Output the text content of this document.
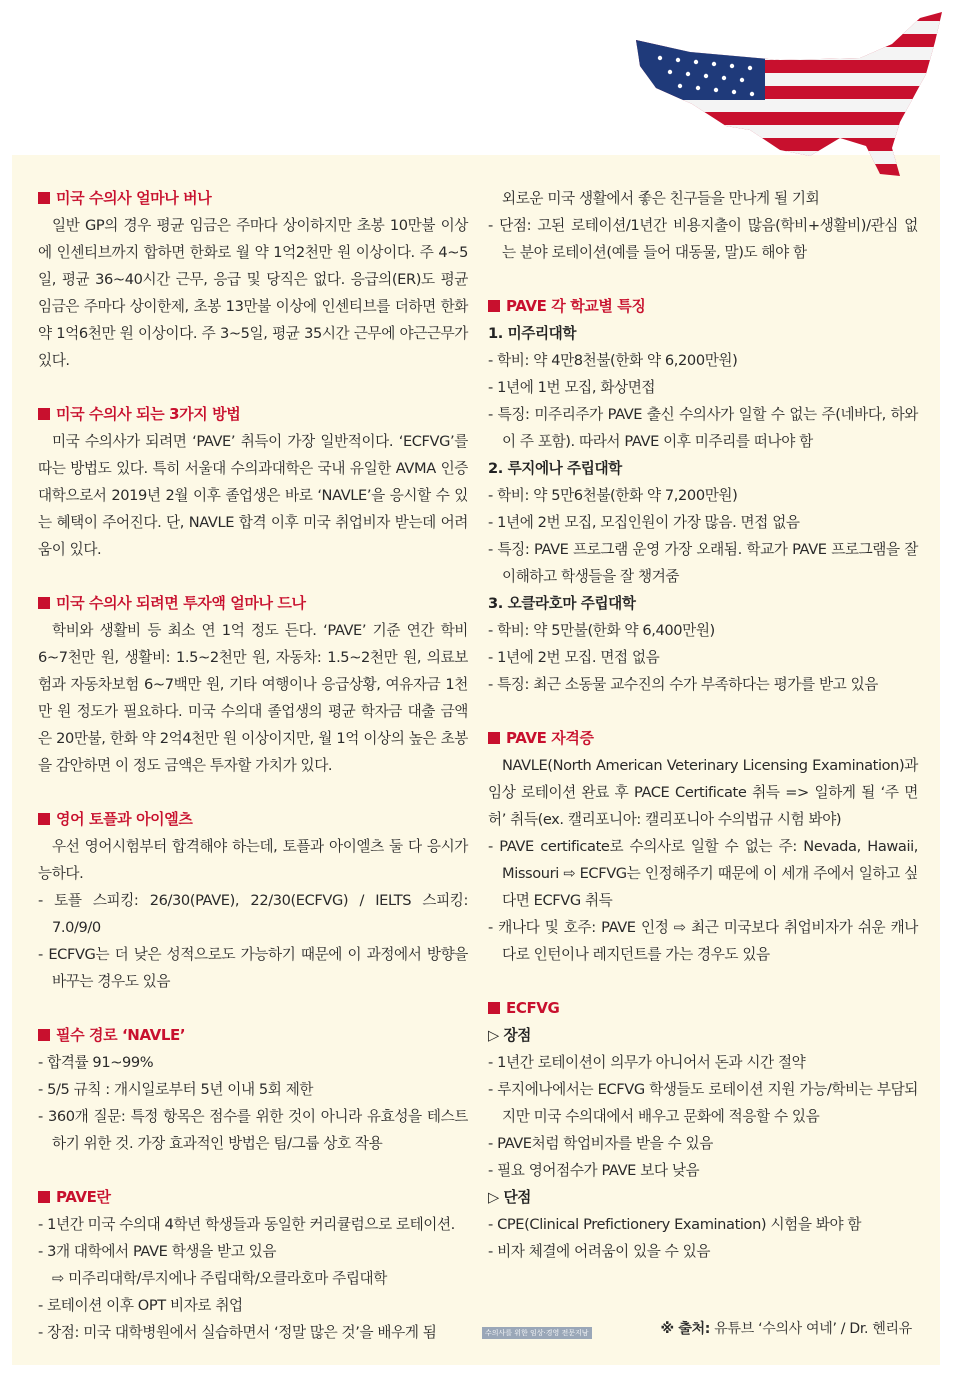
미국 수의사 얼마나 버나
일반 GP의 경우 평균 임금은 주마다 상이하지만 초봉 10만불 이상에 인센티브까지 합하면 한화로 월 약 1억2천만 원 이상이다. 주 4~5일, 평균 36~40시간 근무, 응급 및 당직은 없다. 응급의(ER)도 평균 임금은 주마다 상이한제, 초봉 13만불 이상에 인센티브를 더하면 한화 약 1억6천만 원 이상이다. 주 3~5일, 평균 35시간 근무에 야근근무가 있다.
미국 수의사 되는 3가지 방법
미국 수의사가 되려면 ‘PAVE’ 취득이 가장 일반적이다. ‘ECFVG’를 따는 방법도 있다. 특히 서울대 수의과대학은 국내 유일한 AVMA 인증 대학으로서 2019년 2월 이후 졸업생은 바로 ‘NAVLE’을 응시할 수 있는 혜택이 주어진다. 단, NAVLE 합격 이후 미국 취업비자 받는데 어려움이 있다.
미국 수의사 되려면 투자액 얼마나 드나
학비와 생활비 등 최소 연 1억 정도 든다. ‘PAVE’ 기준 연간 학비 6~7천만 원, 생활비: 1.5~2천만 원, 자동차: 1.5~2천만 원, 의료보험과 자동차보험 6~7백만 원, 기타 여행이나 응급상황, 여유자금 1천만 원 정도가 필요하다. 미국 수의대 졸업생의 평균 학자금 대출 금액은 20만불, 한화 약 2억4천만 원 이상이지만, 월 1억 이상의 높은 초봉을 감안하면 이 정도 금액은 투자할 가치가 있다.
영어 토플과 아이엘츠
우선 영어시험부터 합격해야 하는데, 토플과 아이엘츠 둘 다 응시가능하다.
- 토플 스피킹: 26/30(PAVE), 22/30(ECFVG) / IELTS 스피킹: 7.0/9/0
- ECFVG는 더 낮은 성적으로도 가능하기 때문에 이 과정에서 방향을 바꾸는 경우도 있음
필수 경로 ‘NAVLE’
- 합격률 91~99%
- 5/5 규칙 : 개시일로부터 5년 이내 5회 제한
- 360개 질문: 특정 항목은 점수를 위한 것이 아니라 유효성을 테스트하기 위한 것. 가장 효과적인 방법은 팀/그룹 상호 작용
PAVE란
- 1년간 미국 수의대 4학년 학생들과 동일한 커리큘럼으로 로테이션.
- 3개 대학에서 PAVE 학생을 받고 있음
⇨ 미주리대학/루지에나 주립대학/오클라호마 주립대학
- 로테이션 이후 OPT 비자로 취업
- 장점: 미국 대학병원에서 실습하면서 ‘정말 많은 것’을 배우게 됨
외로운 미국 생활에서 좋은 친구들을 만나게 될 기회
- 단점: 고된 로테이션/1년간 비용지출이 많음(학비+생활비)/관심 없는 분야 로테이션(예를 들어 대동물, 말)도 해야 함
PAVE 각 학교별 특징
1. 미주리대학
- 학비: 약 4만8천불(한화 약 6,200만원)
- 1년에 1번 모집, 화상면접
- 특징: 미주리주가 PAVE 출신 수의사가 일할 수 없는 주(네바다, 하와이 주 포함). 따라서 PAVE 이후 미주리를 떠나야 함
2. 루지에나 주립대학
- 학비: 약 5만6천불(한화 약 7,200만원)
- 1년에 2번 모집, 모집인원이 가장 많음. 면접 없음
- 특징: PAVE 프로그램 운영 가장 오래됨. 학교가 PAVE 프로그램을 잘 이해하고 학생들을 잘 챙겨줌
3. 오클라호마 주립대학
- 학비: 약 5만불(한화 약 6,400만원)
- 1년에 2번 모집. 면접 없음
- 특징: 최근 소동물 교수진의 수가 부족하다는 평가를 받고 있음
PAVE 자격증
NAVLE(North American Veterinary Licensing Examination)과 임상 로테이션 완료 후 PACE Certificate 취득 => 일하게 될 ‘주 면허’ 취득(ex. 캘리포니아: 캘리포니아 수의법규 시험 봐야)
- PAVE certificate로 수의사로 일할 수 없는 주: Nevada, Hawaii, Missouri ⇨ ECFVG는 인정해주기 때문에 이 세개 주에서 일하고 싶다면 ECFVG 취득
- 캐나다 및 호주: PAVE 인정 ⇨ 최근 미국보다 취업비자가 쉬운 캐나다로 인턴이나 레지던트를 가는 경우도 있음
ECFVG
▷ 장점
- 1년간 로테이션이 의무가 아니어서 돈과 시간 절약
- 루지에나에서는 ECFVG 학생들도 로테이션 지원 가능/학비는 부담되지만 미국 수의대에서 배우고 문화에 적응할 수 있음
- PAVE처럼 학업비자를 받을 수 있음
- 필요 영어점수가 PAVE 보다 낮음
▷ 단점
- CPE(Clinical Prefictionery Examination) 시험을 봐야 함
- 비자 체결에 어려움이 있을 수 있음
수의사를 위한 임상·경영 전문지남	※ 출처: 유튜브 ‘수의사 여네’ / Dr. 헨리유
